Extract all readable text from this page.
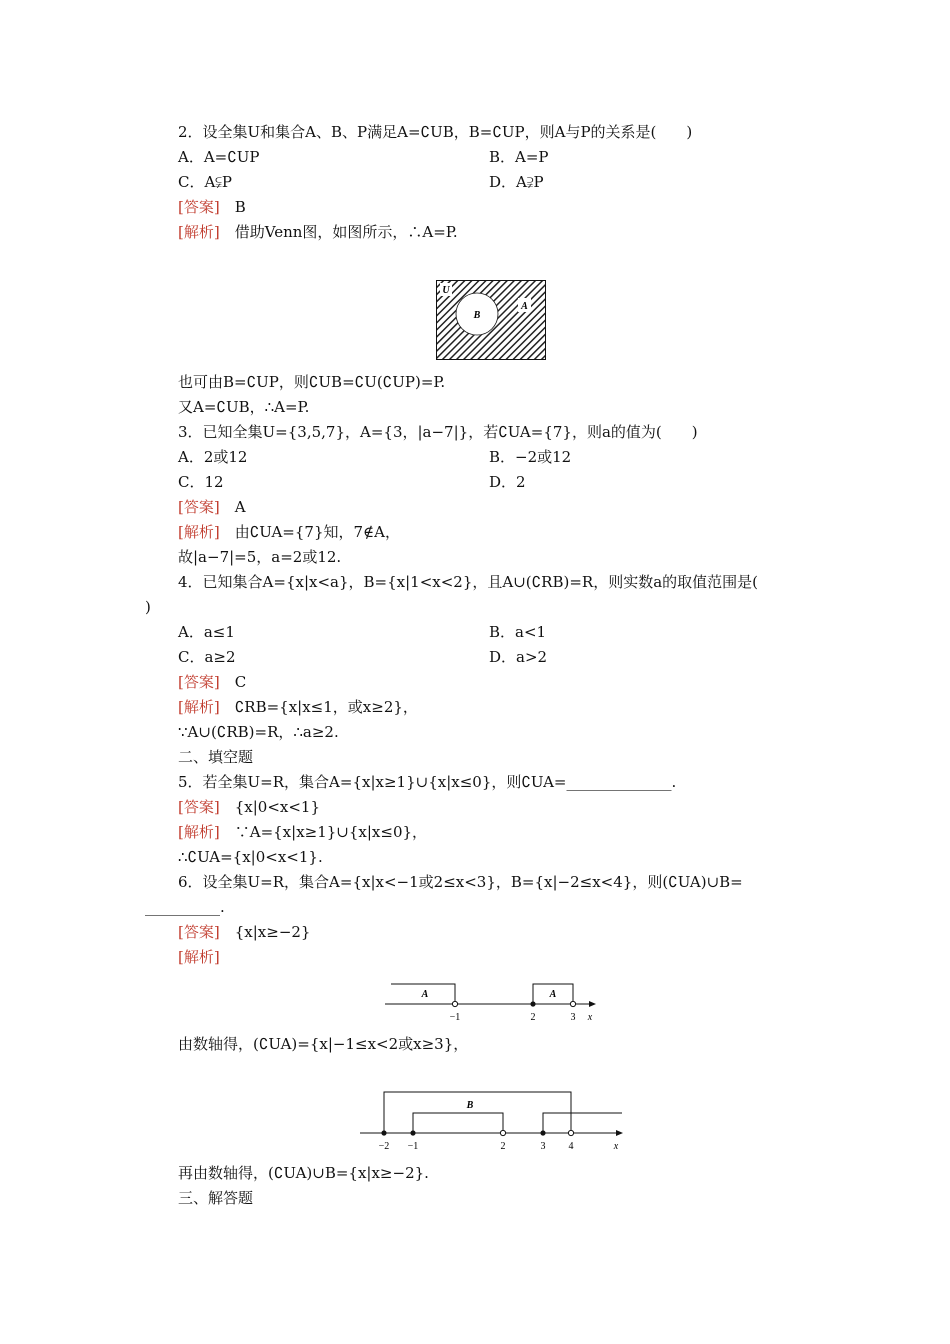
2．设全集U和集合A、B、P满足A=∁UB，B=∁UP，则A与P的关系是(　　)
A．A=∁UP	B．A=P
C．A⫋P	D．A⫌P
[答案]　 B
[解析]　 借助Venn图，如图所示，∴A=P.
U
A
B
也可由B=∁UP，则∁UB=∁U(∁UP)=P.
又A=∁UB，∴A=P.
3．已知全集U={3,5,7}，A={3，|a−7|}，若∁UA={7}，则a的值为(　　)
A．2或12	B．−2或12
C．12	D．2
[答案]　 A
[解析]　 由∁UA={7}知，7∉A，
故|a−7|=5，a=2或12.
4．已知集合A={x|x<a}，B={x|1<x<2}，且A∪(∁RB)=R，则实数a的取值范围是(
)
A．a≤1	B．a<1
C．a≥2	D．a>2
[答案]　 C
[解析]　 ∁RB={x|x≤1，或x≥2}，
∵A∪(∁RB)=R，∴a≥2.
二、填空题
5．若全集U=R，集合A={x|x≥1}∪{x|x≤0}，则∁UA=______________.
[答案]　 {x|0<x<1}
[解析]　 ∵A={x|x≥1}∪{x|x≤0}，
∴∁UA={x|0<x<1}.
6．设全集U=R，集合A={x|x<−1或2≤x<3}，B={x|−2≤x<4}，则(∁UA)∪B=
__________.
[答案]　 {x|x≥−2}
[解析]
A	A
−1	2	3 x
由数轴得，(∁UA)={x|−1≤x<2或x≥3}，
B
−2 −1	2	3 4	x
再由数轴得，(∁UA)∪B={x|x≥−2}.
三、解答题
